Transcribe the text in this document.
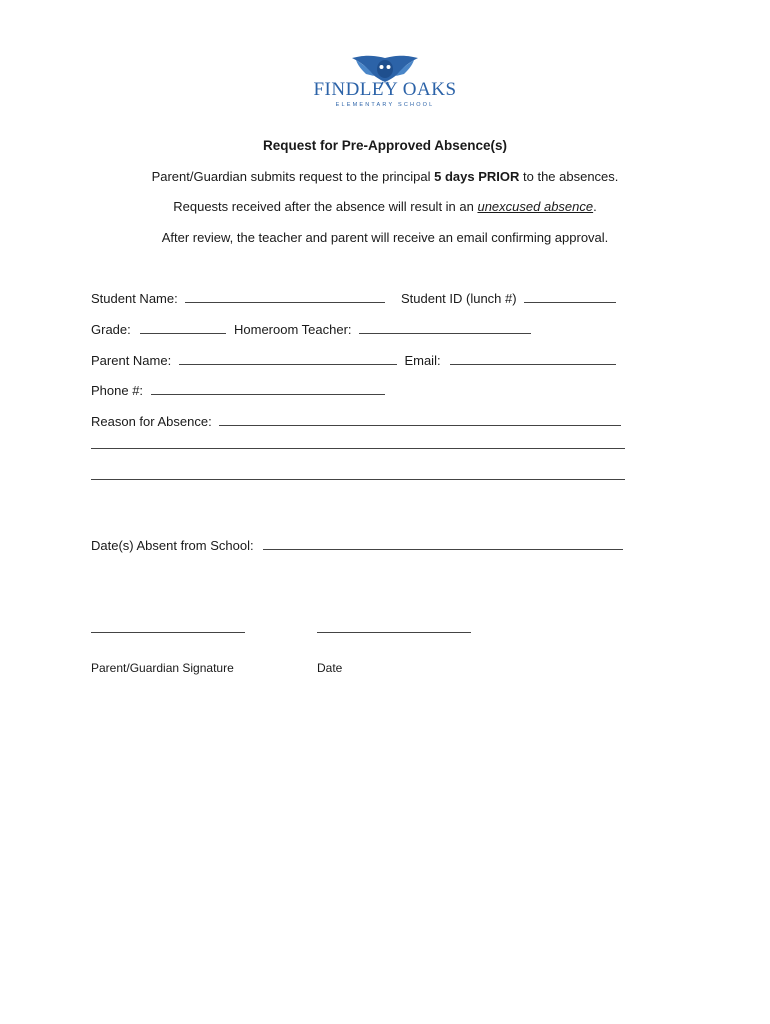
FINDLEY OAKS
ELEMENTARY SCHOOL
Request for Pre-Approved Absence(s)
Parent/Guardian submits request to the principal 5 days PRIOR to the absences.
Requests received after the absence will result in an unexcused absence.
After review, the teacher and parent will receive an email confirming approval.
Student Name:	Student ID (lunch #)
Grade:	Homeroom Teacher:
Parent Name:	Email:
Phone #:
Reason for Absence:
Date(s) Absent from School:
Parent/Guardian Signature	Date
